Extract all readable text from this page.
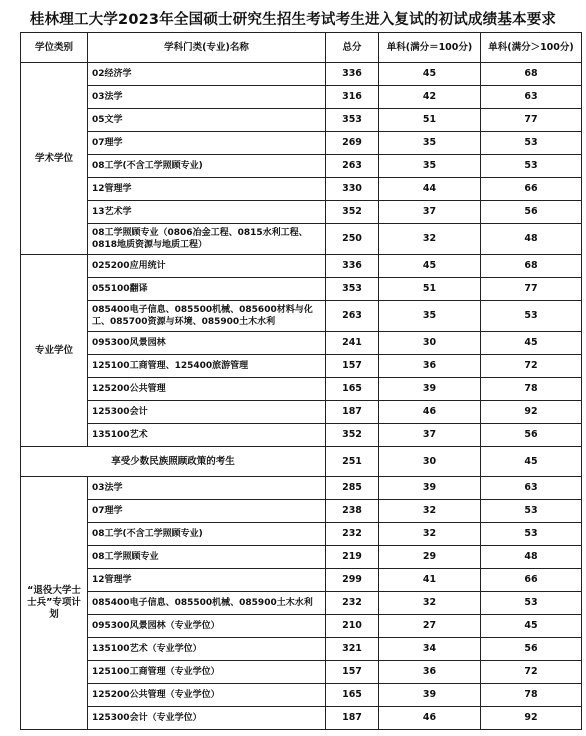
桂林理工大学2023年全国硕士研究生招生考试考生进入复试的初试成绩基本要求
学位类别	学科门类(专业)名称	总分	单科(满分＝100分)	单科(满分＞100分)
学术学位	02经济学	336	45	68
	03法学	316	42	63
	05文学	353	51	77
	07理学	269	35	53
	08工学(不含工学照顾专业)	263	35	53
	12管理学	330	44	66
	13艺术学	352	37	56
	08工学照顾专业（0806冶金工程、0815水利工程、0818地质资源与地质工程）	250	32	48
专业学位	025200应用统计	336	45	68
	055100翻译	353	51	77
	085400电子信息、085500机械、085600材料与化工、085700资源与环境、085900土木水利	263	35	53
	095300风景园林	241	30	45
	125100工商管理、125400旅游管理	157	36	72
	125200公共管理	165	39	78
	125300会计	187	46	92
	135100艺术	352	37	56
享受少数民族照顾政策的考生		251	30	45
“退役大学士士兵”专项计划	03法学	285	39	63
	07理学	238	32	53
	08工学(不含工学照顾专业)	232	32	53
	08工学照顾专业	219	29	48
	12管理学	299	41	66
	085400电子信息、085500机械、085900土木水利	232	32	53
	095300风景园林（专业学位）	210	27	45
	135100艺术（专业学位）	321	34	56
	125100工商管理（专业学位）	157	36	72
	125200公共管理（专业学位）	165	39	78
	125300会计（专业学位）	187	46	92
